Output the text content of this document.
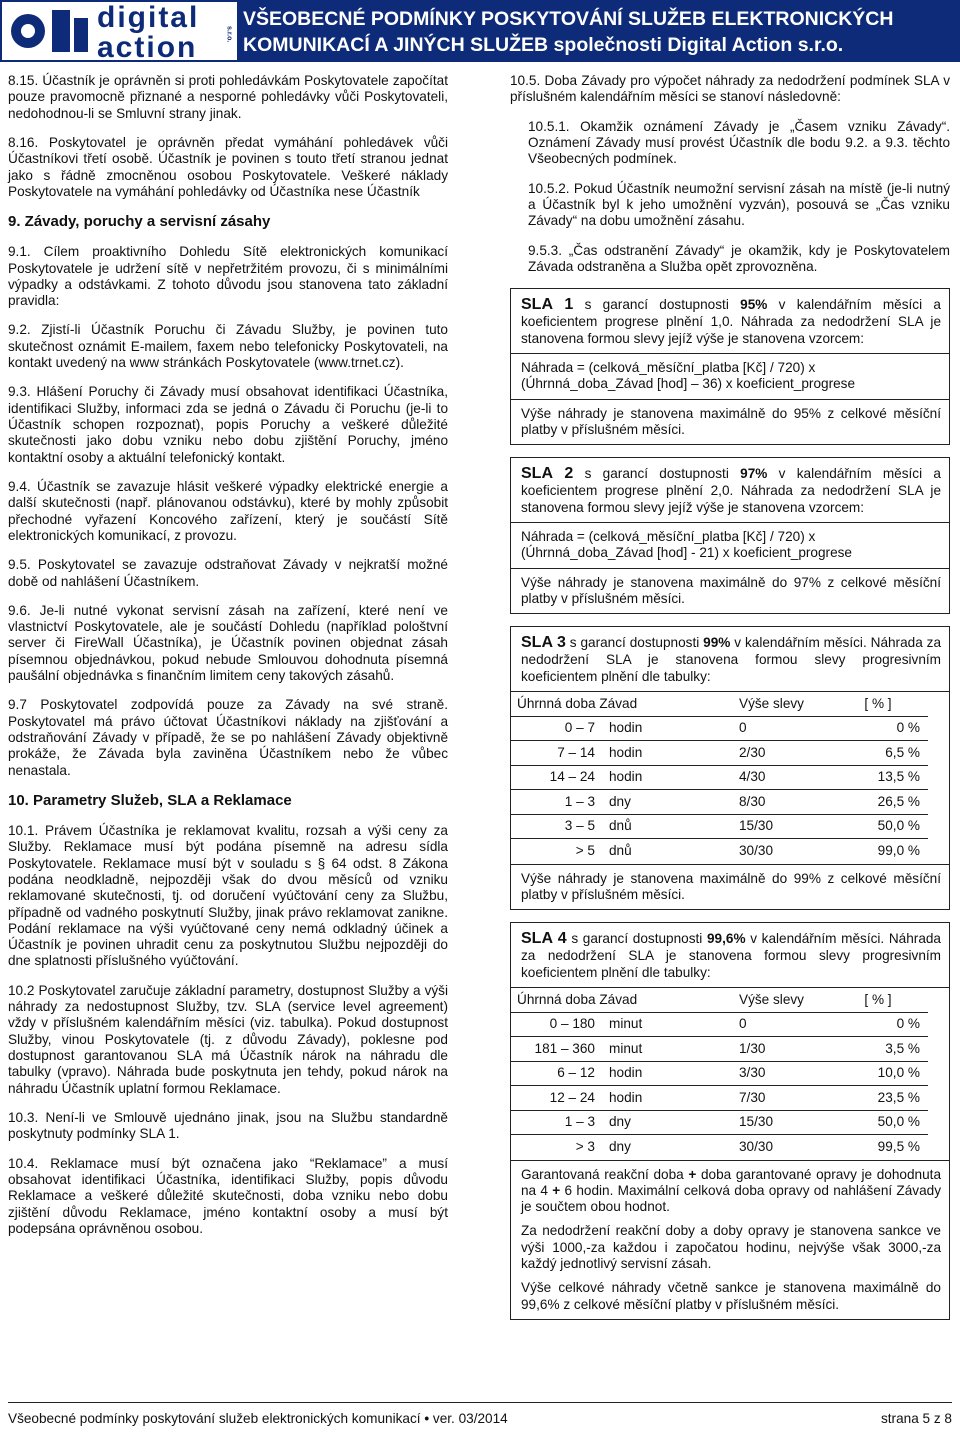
digital
action	s.r.o.
VŠEOBECNÉ PODMÍNKY POSKYTOVÁNÍ SLUŽEB ELEKTRONICKÝCH
KOMUNIKACÍ A JINÝCH SLUŽEB společnosti Digital Action s.r.o.

8.15. Účastník je oprávněn si proti pohledávkám Poskytovatele započítat pouze pravomocně přiznané a nesporné pohledávky vůči Poskytovateli, nedohodnou-li se Smluvní strany jinak.

8.16. Poskytovatel je oprávněn předat vymáhání pohledávek vůči Účastníkovi třetí osobě. Účastník je povinen s touto třetí stranou jednat jako s řádně zmocněnou osobou Poskytovatele. Veškeré náklady Poskytovatele na vymáhání pohledávky od Účastníka nese Účastník

9. Závady, poruchy a servisní zásahy

9.1. Cílem proaktivního Dohledu Sítě elektronických komunikací Poskytovatele je udržení sítě v nepřetržitém provozu, či s minimálními výpadky a odstávkami. Z tohoto důvodu jsou stanovena tato základní pravidla:

9.2. Zjistí-li Účastník Poruchu či Závadu Služby, je povinen tuto skutečnost oznámit E-mailem, faxem nebo telefonicky Poskytovateli, na kontakt uvedený na www stránkách Poskytovatele (www.trnet.cz).

9.3. Hlášení Poruchy či Závady musí obsahovat identifikaci Účastníka, identifikaci Služby, informaci zda se jedná o Závadu či Poruchu (je-li to Účastník schopen rozpoznat), popis Poruchy a veškeré důležité skutečnosti jako dobu vzniku nebo dobu zjištění Poruchy, jméno kontaktní osoby a aktuální telefonický kontakt.

9.4. Účastník se zavazuje hlásit veškeré výpadky elektrické energie a další skutečnosti (např. plánovanou odstávku), které by mohly způsobit přechodné vyřazení Koncového zařízení, který je součástí Sítě elektronických komunikací, z provozu.

9.5. Poskytovatel se zavazuje odstraňovat Závady v nejkratší možné době od nahlášení Účastníkem.

9.6. Je-li nutné vykonat servisní zásah na zařízení, které není ve vlastnictví Poskytovatele, ale je součástí Dohledu (například pološtvní server či FireWall Účastníka), je Účastník povinen objednat zásah písemnou objednávkou, pokud nebude Smlouvou dohodnuta písemná paušální objednávka s finančním limitem ceny takových zásahů.

9.7 Poskytovatel zodpovídá pouze za Závady na své straně. Poskytovatel má právo účtovat Účastníkovi náklady na zjišťování a odstraňování Závady v případě, že se po nahlášení Závady objektivně prokáže, že Závada byla zaviněna Účastníkem nebo že vůbec nenastala.

10. Parametry Služeb, SLA a Reklamace

10.1. Právem Účastníka je reklamovat kvalitu, rozsah a výši ceny za Služby. Reklamace musí být podána písemně na adresu sídla Poskytovatele. Reklamace musí být v souladu s § 64 odst. 8 Zákona podána neodkladně, nejpozději však do dvou měsíců od vzniku reklamované skutečnosti, tj. od doručení vyúčtování ceny za Službu, případně od vadného poskytnutí Služby, jinak právo reklamovat zanikne. Podání reklamace na výši vyúčtované ceny nemá odkladný účinek a Účastník je povinen uhradit cenu za poskytnutou Službu nejpozději do dne splatnosti příslušného vyúčtování.

10.2 Poskytovatel zaručuje základní parametry, dostupnost Služby a výši náhrady za nedostupnost Služby, tzv. SLA (service level agreement) vždy v příslušném kalendářním měsíci (viz. tabulka). Pokud dostupnost Služby, vinou Poskytovatele (tj. z důvodu Závady), poklesne pod dostupnost garantovanou SLA má Účastník nárok na náhradu dle tabulky (vpravo). Náhrada bude poskytnuta jen tehdy, pokud nárok na náhradu Účastník uplatní formou Reklamace.

10.3. Není-li ve Smlouvě ujednáno jinak, jsou na Službu standardně poskytnuty podmínky SLA 1.

10.4. Reklamace musí být označena jako “Reklamace” a musí obsahovat identifikaci Účastníka, identifikaci Služby, popis důvodu Reklamace a veškeré důležité skutečnosti, doba vzniku nebo dobu zjištění důvodu Reklamace, jméno kontaktní osoby a musí být podepsána oprávněnou osobou.

10.5. Doba Závady pro výpočet náhrady za nedodržení podmínek SLA v příslušném kalendářním měsíci se stanoví následovně:

10.5.1. Okamžik oznámení Závady je „Časem vzniku Závady“. Oznámení Závady musí provést Účastník dle bodu 9.2. a 9.3. těchto Všeobecných podmínek.

10.5.2. Pokud Účastník neumožní servisní zásah na místě (je-li nutný a Účastník byl k jeho umožnění vyzván), posouvá se „Čas vzniku Závady“ na dobu umožnění zásahu.

9.5.3. „Čas odstranění Závady“ je okamžik, kdy je Poskytovatelem Závada odstraněna a Služba opět zprovozněna.

SLA 1 s garancí dostupnosti 95% v kalendářním měsíci a koeficientem progrese plnění 1,0. Náhrada za nedodržení SLA je stanovena formou slevy jejíž výše je stanovena vzorcem:

Náhrada = (celková_měsíční_platba [Kč] / 720) x (Úhrnná_doba_Závad [hod] – 36) x koeficient_progrese

Výše náhrady je stanovena maximálně do 95% z celkové měsíční platby v příslušném měsíci.

SLA 2 s garancí dostupnosti 97% v kalendářním měsíci a koeficientem progrese plnění 2,0. Náhrada za nedodržení SLA je stanovena formou slevy jejíž výše je stanovena vzorcem:

Náhrada = (celková_měsíční_platba [Kč] / 720) x (Úhrnná_doba_Závad [hod] - 21) x koeficient_progrese

Výše náhrady je stanovena maximálně do 97% z celkové měsíční platby v příslušném měsíci.

SLA 3 s garancí dostupnosti 99% v kalendářním měsíci. Náhrada za nedodržení SLA je stanovena formou slevy progresivním koeficientem plnění dle tabulky:

Úhrnná doba Závad	Výše slevy	[ % ]
0 – 7	hodin	0	0 %
7 – 14	hodin	2/30	6,5 %
14 – 24	hodin	4/30	13,5 %
1 – 3	dny	8/30	26,5 %
3 – 5	dnů	15/30	50,0 %
> 5	dnů	30/30	99,0 %

Výše náhrady je stanovena maximálně do 99% z celkové měsíční platby v příslušném měsíci.

SLA 4 s garancí dostupnosti 99,6% v kalendářním měsíci. Náhrada za nedodržení SLA je stanovena formou slevy progresivním koeficientem plnění dle tabulky:

Úhrnná doba Závad	Výše slevy	[ % ]
0 – 180	minut	0	0 %
181 – 360	minut	1/30	3,5 %
6 – 12	hodin	3/30	10,0 %
12 – 24	hodin	7/30	23,5 %
1 – 3	dny	15/30	50,0 %
> 3	dny	30/30	99,5 %

Garantovaná reakční doba + doba garantované opravy je dohodnuta na 4 + 6 hodin. Maximální celková doba opravy od nahlášení Závady je součtem obou hodnot.

Za nedodržení reakční doby a doby opravy je stanovena sankce ve výši 1000,-za každou i započatou hodinu, nejvýše však 3000,-za každý jednotlivý servisní zásah.

Výše celkové náhrady včetně sankce je stanovena maximálně do 99,6% z celkové měsíční platby v příslušném měsíci.

Všeobecné podmínky poskytování služeb elektronických komunikací • ver. 03/2014	strana 5 z 8
